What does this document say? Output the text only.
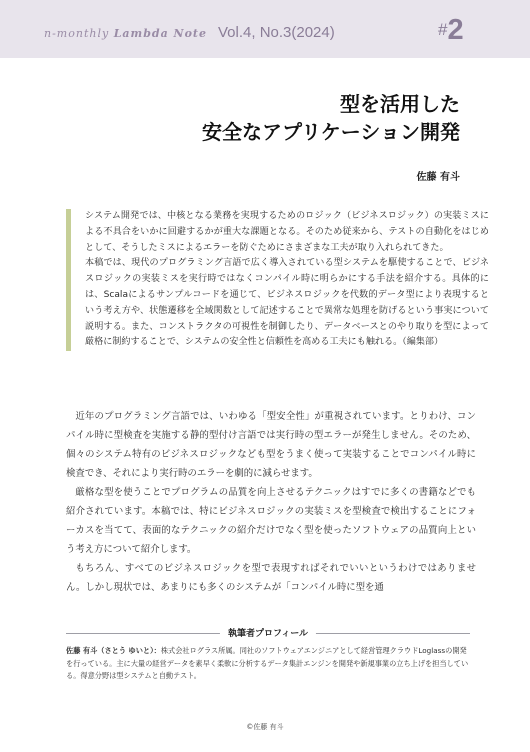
n-monthly Lambda Note Vol.4, No.3(2024)	#2
型を活用した
安全なアプリケーション開発
佐藤 有斗

システム開発では、中核となる業務を実現するためのロジック（ビジネスロジック）の実装ミスによる不具合をいかに回避するかが重大な課題となる。そのため従来から、テストの自動化をはじめとして、そうしたミスによるエラーを防ぐためにさまざまな工夫が取り入れられてきた。

本稿では、現代のプログラミング言語で広く導入されている型システムを駆使することで、ビジネスロジックの実装ミスを実行時ではなくコンパイル時に明らかにする手法を紹介する。具体的には、Scalaによるサンプルコードを通じて、ビジネスロジックを代数的データ型により表現するという考え方や、状態遷移を全域関数として記述することで異常な処理を防げるという事実について説明する。また、コンストラクタの可視性を制御したり、データベースとのやり取りを型によって厳格に制約することで、システムの安全性と信頼性を高める工夫にも触れる。（編集部）

近年のプログラミング言語では、いわゆる「型安全性」が重視されています。とりわけ、コンパイル時に型検査を実施する静的型付け言語では実行時の型エラーが発生しません。そのため、個々のシステム特有のビジネスロジックなども型をうまく使って実装することでコンパイル時に検査でき、それにより実行時のエラーを劇的に減らせます。

厳格な型を使うことでプログラムの品質を向上させるテクニックはすでに多くの書籍などでも紹介されています。本稿では、特にビジネスロジックの実装ミスを型検査で検出することにフォーカスを当てて、表面的なテクニックの紹介だけでなく型を使ったソフトウェアの品質向上という考え方について紹介します。

もちろん、すべてのビジネスロジックを型で表現すればそれでいいというわけではありません。しかし現状では、あまりにも多くのシステムが「コンパイル時に型を通

執筆者プロフィール

佐藤 有斗（さとう ゆいと）：株式会社ログラス所属。同社のソフトウェアエンジニアとして経営管理クラウドLoglassの開発を行っている。主に大量の経営データを素早く柔軟に分析するデータ集計エンジンを開発や新規事業の立ち上げを担当している。得意分野は型システムと自動テスト。

©佐藤 有斗
